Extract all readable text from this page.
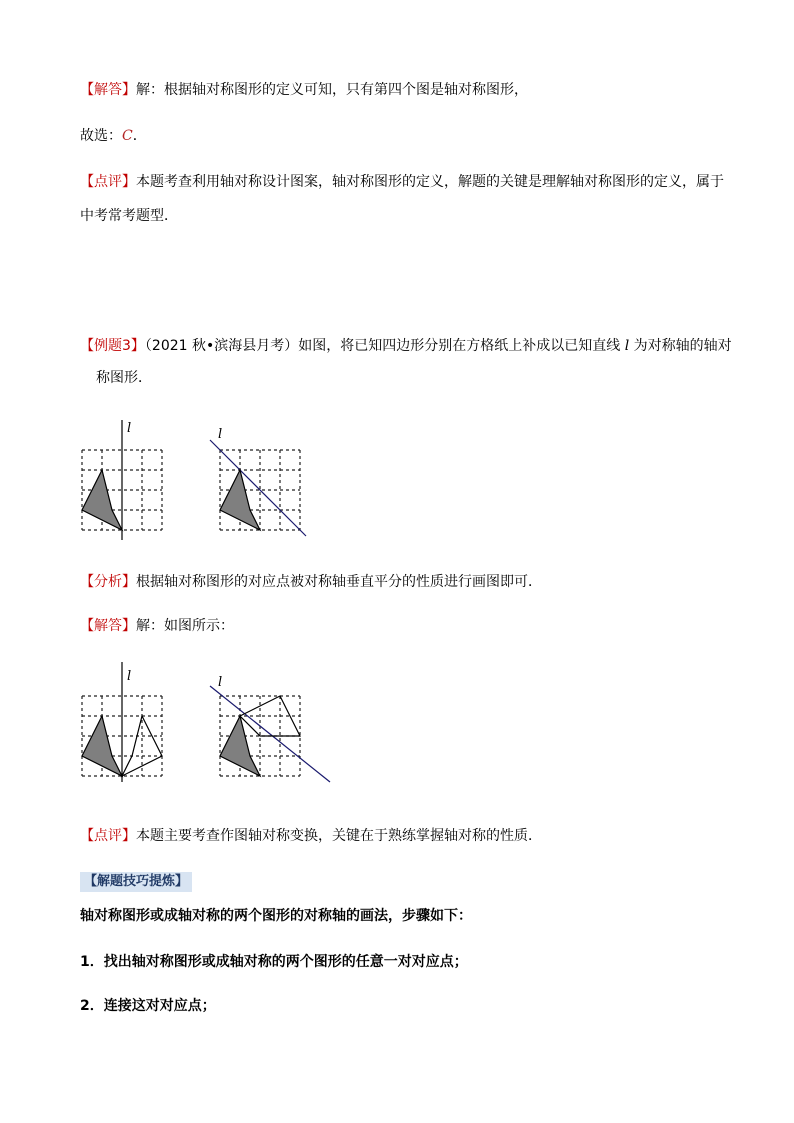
【解答】解：根据轴对称图形的定义可知，只有第四个图是轴对称图形，
故选：C．
【点评】本题考查利用轴对称设计图案，轴对称图形的定义，解题的关键是理解轴对称图形的定义，属于
中考常考题型．
【例题3】（2021 秋•滨海县月考）如图，将已知四边形分别在方格纸上补成以已知直线 l 为对称轴的轴对
称图形．
l	l
【分析】根据轴对称图形的对应点被对称轴垂直平分的性质进行画图即可．
【解答】解：如图所示：
l	l
【点评】本题主要考查作图轴对称变换，关键在于熟练掌握轴对称的性质．
【解题技巧提炼】
轴对称图形或成轴对称的两个图形的对称轴的画法，步骤如下：
1．找出轴对称图形或成轴对称的两个图形的任意一对对应点；
2．连接这对对应点；
